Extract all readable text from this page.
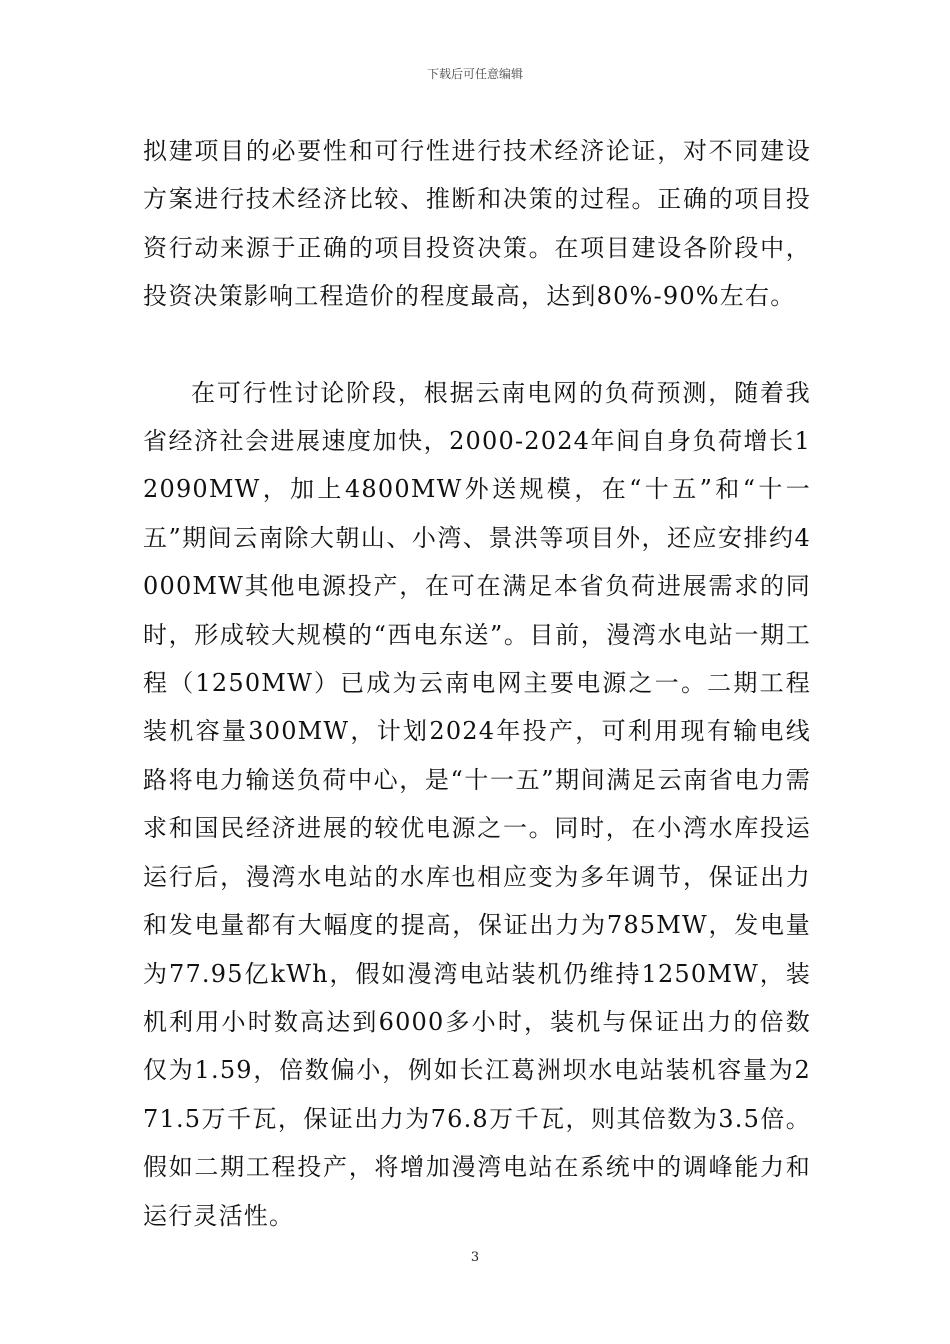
下载后可任意编辑

拟建项目的必要性和可行性进行技术经济论证，对不同建设方案进行技术经济比较、推断和决策的过程。正确的项目投资行动来源于正确的项目投资决策。在项目建设各阶段中，投资决策影响工程造价的程度最高，达到80%-90%左右。

在可行性讨论阶段，根据云南电网的负荷预测，随着我省经济社会进展速度加快，2000-2024年间自身负荷增长12090MW，加上4800MW外送规模，在“十五”和“十一五”期间云南除大朝山、小湾、景洪等项目外，还应安排约4000MW其他电源投产，在可在满足本省负荷进展需求的同时，形成较大规模的“西电东送”。目前，漫湾水电站一期工程（1250MW）已成为云南电网主要电源之一。二期工程装机容量300MW，计划2024年投产，可利用现有输电线路将电力输送负荷中心，是“十一五”期间满足云南省电力需求和国民经济进展的较优电源之一。同时，在小湾水库投运运行后，漫湾水电站的水库也相应变为多年调节，保证出力和发电量都有大幅度的提高，保证出力为785MW，发电量为77.95亿kWh，假如漫湾电站装机仍维持1250MW，装机利用小时数高达到6000多小时，装机与保证出力的倍数仅为1.59，倍数偏小，例如长江葛洲坝水电站装机容量为271.5万千瓦，保证出力为76.8万千瓦，则其倍数为3.5倍。假如二期工程投产，将增加漫湾电站在系统中的调峰能力和运行灵活性。

3
